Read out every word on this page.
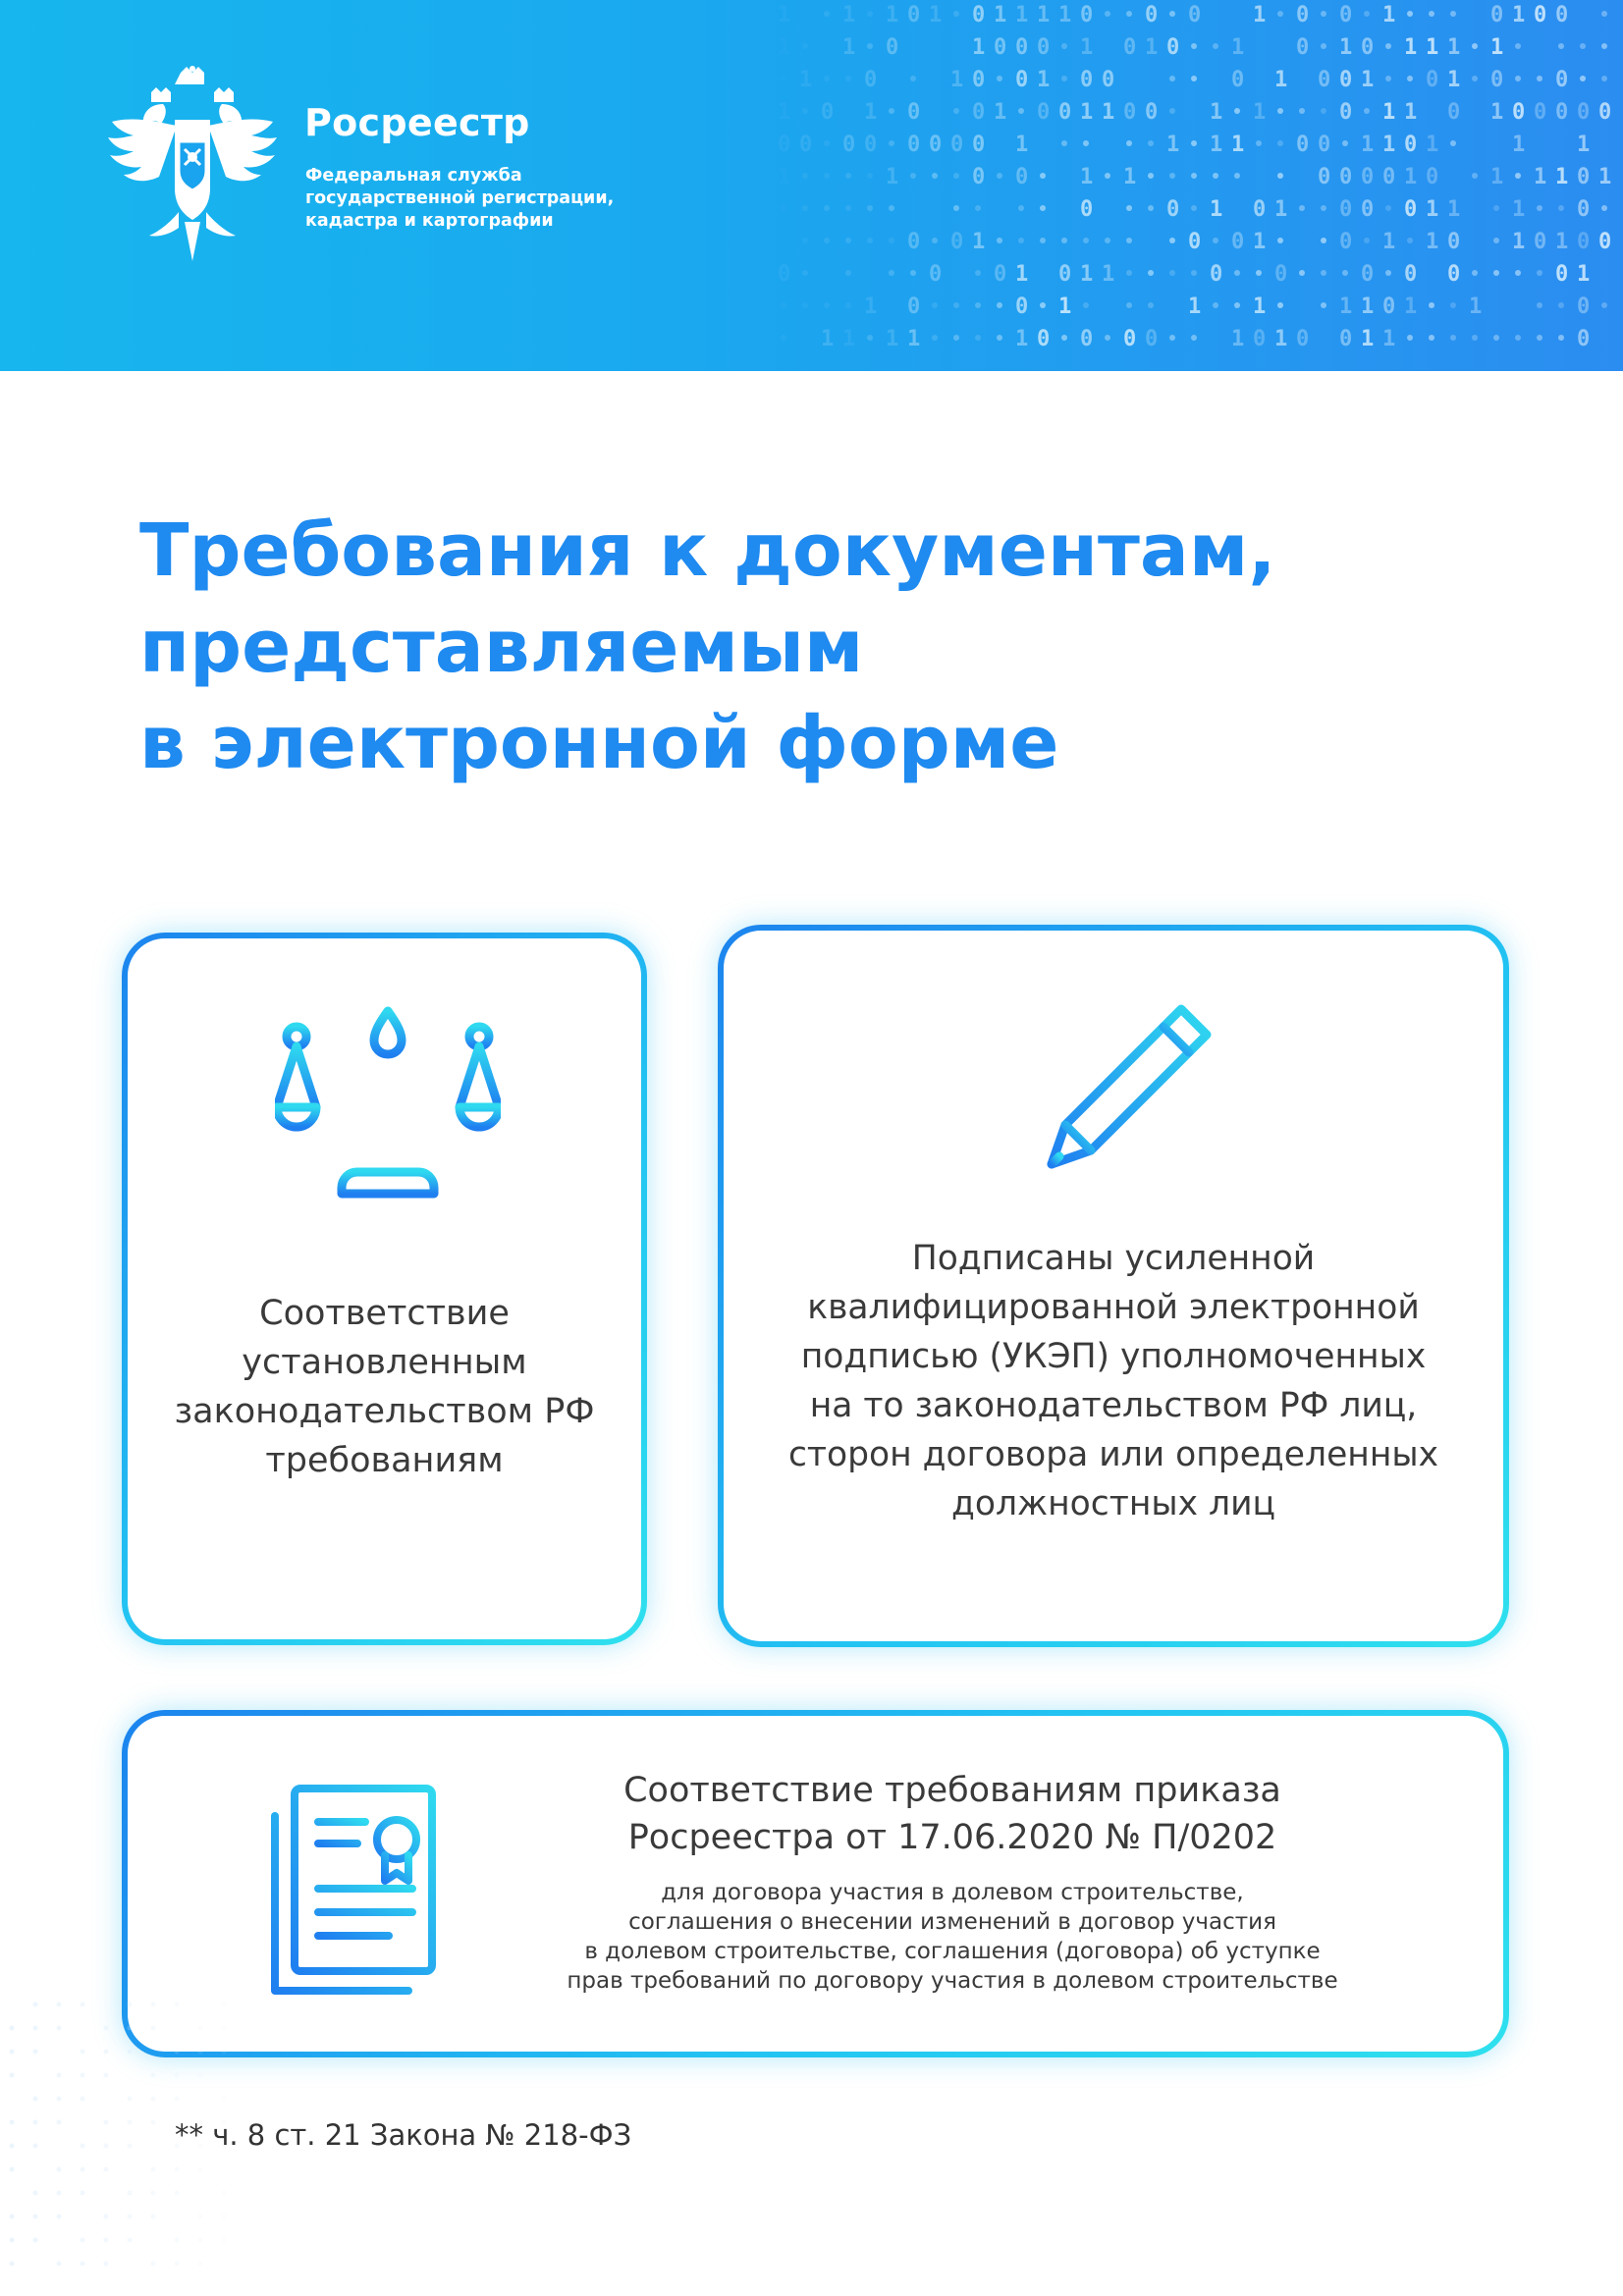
1 1 0 1 0 1 1 1 1 0 0 0 1 0 0 1	0 1 0 0
1 0	1 0 0 0 1 0 1 0 1 0 1 0 1 1 1 1
1 0	1 0 0 1 0 0	0 1 0 0 1 0 1 0 0
0 1 0 0 1 0 0 1 1 0 0 1 1	0 1 1 0 1 0 0 0 0 0
0 0 0 0 0 0 0 0 1	1 1 1 0 0 1 1 0 1	1 1
1	0 0 1 1	0 0 0 0 1 0 1 1 1 0 1
0	0 1 0 1 0 0 0 1 1 1 0
0 0 1	0 0 1	0 1 1 0 1 0 1 0 0
0	0 0 1 0 1 1	0 0	0 0 0	0 1
1 0	0 1	1 1	1 1 0 1 1	0
1 1 1 1	1 0 0 0 0	1 0 1 0 0 1 1	0
Росреестр
Федеральная служба
государственной регистрации,
кадастра и картографии
Требования к документам,
представляемым
в электронной форме
Соответствие
установленным
законодательством РФ
требованиям
Подписаны усиленной
квалифицированной электронной
подписью (УКЭП) уполномоченных
на то законодательством РФ лиц,
сторон договора или определенных
должностных лиц
Соответствие требованиям приказа
Росреестра от 17.06.2020 № П/0202
для договора участия в долевом строительстве,
соглашения о внесении изменений в договор участия
в долевом строительстве, соглашения (договора) об уступке
прав требований по договору участия в долевом строительстве
** ч. 8 ст. 21 Закона № 218-ФЗ
